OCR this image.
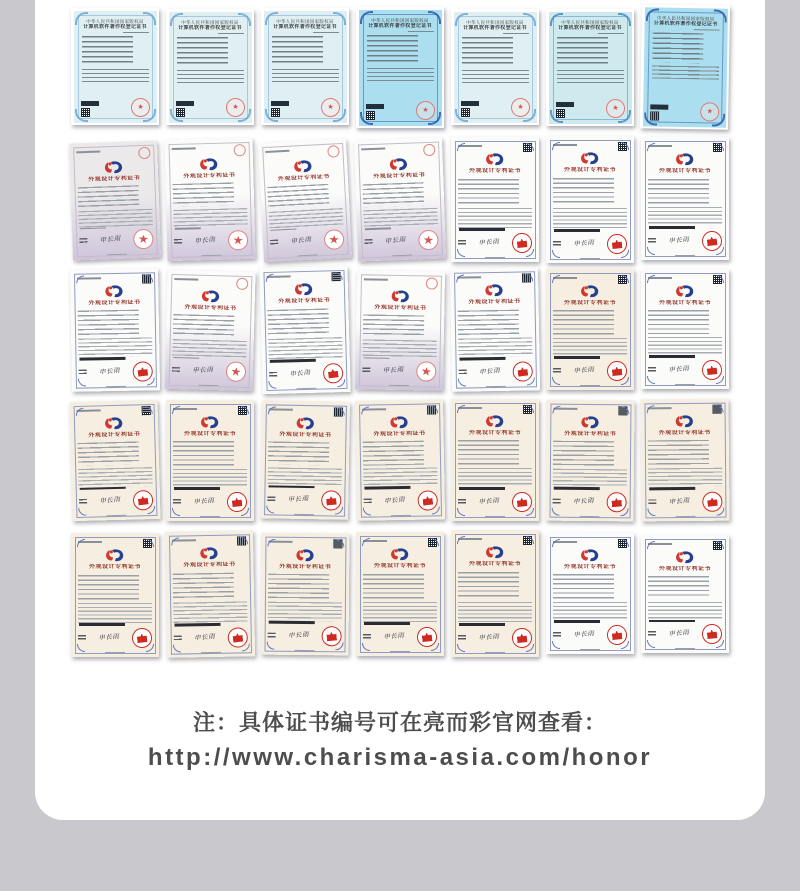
中华人民共和国国家版权局
计算机软件著作权登记证书
★
中华人民共和国国家版权局
计算机软件著作权登记证书
★
中华人民共和国国家版权局
计算机软件著作权登记证书
★
中华人民共和国国家版权局
计算机软件著作权登记证书
★
中华人民共和国国家版权局
计算机软件著作权登记证书
★
中华人民共和国国家版权局
计算机软件著作权登记证书
★
中华人民共和国国家版权局
计算机软件著作权登记证书
★
外观设计专利证书
申长雨
外观设计专利证书
申长雨
外观设计专利证书
申长雨
外观设计专利证书
申长雨
外观设计专利证书
申长雨
外观设计专利证书
申长雨
外观设计专利证书
申长雨
外观设计专利证书
申长雨
外观设计专利证书
申长雨
外观设计专利证书
申长雨
外观设计专利证书
申长雨
外观设计专利证书
申长雨
外观设计专利证书
申长雨
外观设计专利证书
申长雨
外观设计专利证书
申长雨
外观设计专利证书
申长雨
外观设计专利证书
申长雨
外观设计专利证书
申长雨
外观设计专利证书
申长雨
外观设计专利证书
申长雨
外观设计专利证书
申长雨
外观设计专利证书
申长雨
外观设计专利证书
申长雨
外观设计专利证书
申长雨
外观设计专利证书
申长雨
外观设计专利证书
申长雨
外观设计专利证书
申长雨
外观设计专利证书
申长雨
注：具体证书编号可在亮而彩官网查看：
http://www.charisma-asia.com/honor
